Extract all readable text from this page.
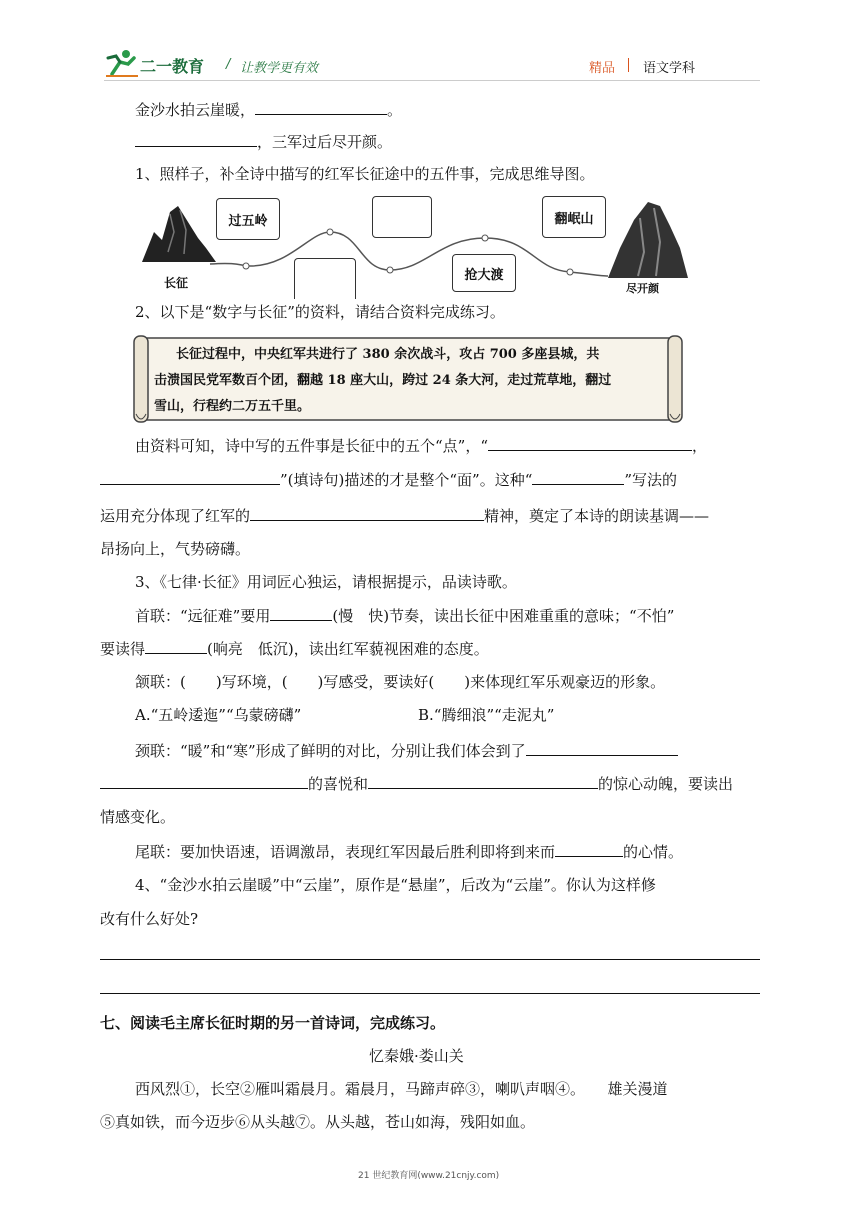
二一教育 / 让教学更有效	精品 语文学科
金沙水拍云崖暖，	。
，三军过后尽开颜。
1、照样子，补全诗中描写的红军长征途中的五件事，完成思维导图。
长征	尽开颜
过五岭
抢大渡
翻岷山
2、以下是“数字与长征”的资料，请结合资料完成练习。
长征过程中，中央红军共进行了 380 余次战斗，攻占 700 多座县城，共
击溃国民党军数百个团，翻越 18 座大山，跨过 24 条大河，走过荒草地，翻过
雪山，行程约二万五千里。
由资料可知，诗中写的五件事是长征中的五个“点”，“	，
”(填诗句)描述的才是整个“面”。这种“	”写法的
运用充分体现了红军的	精神，奠定了本诗的朗读基调——
昂扬向上，气势磅礴。
3、《七律·长征》用词匠心独运，请根据提示，品读诗歌。
首联：“远征难”要用	(慢　快)节奏，读出长征中困难重重的意味；“不怕”
要读得	(响亮　低沉)，读出红军藐视困难的态度。
颔联：(　　)写环境，(　　)写感受，要读好(　　)来体现红军乐观豪迈的形象。
A.“五岭逶迤”“乌蒙磅礴”	B.“腾细浪”“走泥丸”
颈联：“暖”和“寒”形成了鲜明的对比，分别让我们体会到了
的喜悦和	的惊心动魄，要读出
情感变化。
尾联：要加快语速，语调激昂，表现红军因最后胜利即将到来而	的心情。
4、“金沙水拍云崖暖”中“云崖”，原作是“悬崖”，后改为“云崖”。你认为这样修
改有什么好处?
七、阅读毛主席长征时期的另一首诗词，完成练习。
忆秦娥·娄山关
西风烈①，长空②雁叫霜晨月。霜晨月，马蹄声碎③，喇叭声咽④。　　雄关漫道
⑤真如铁，而今迈步⑥从头越⑦。从头越，苍山如海，残阳如血。
21 世纪教育网(www.21cnjy.com)
